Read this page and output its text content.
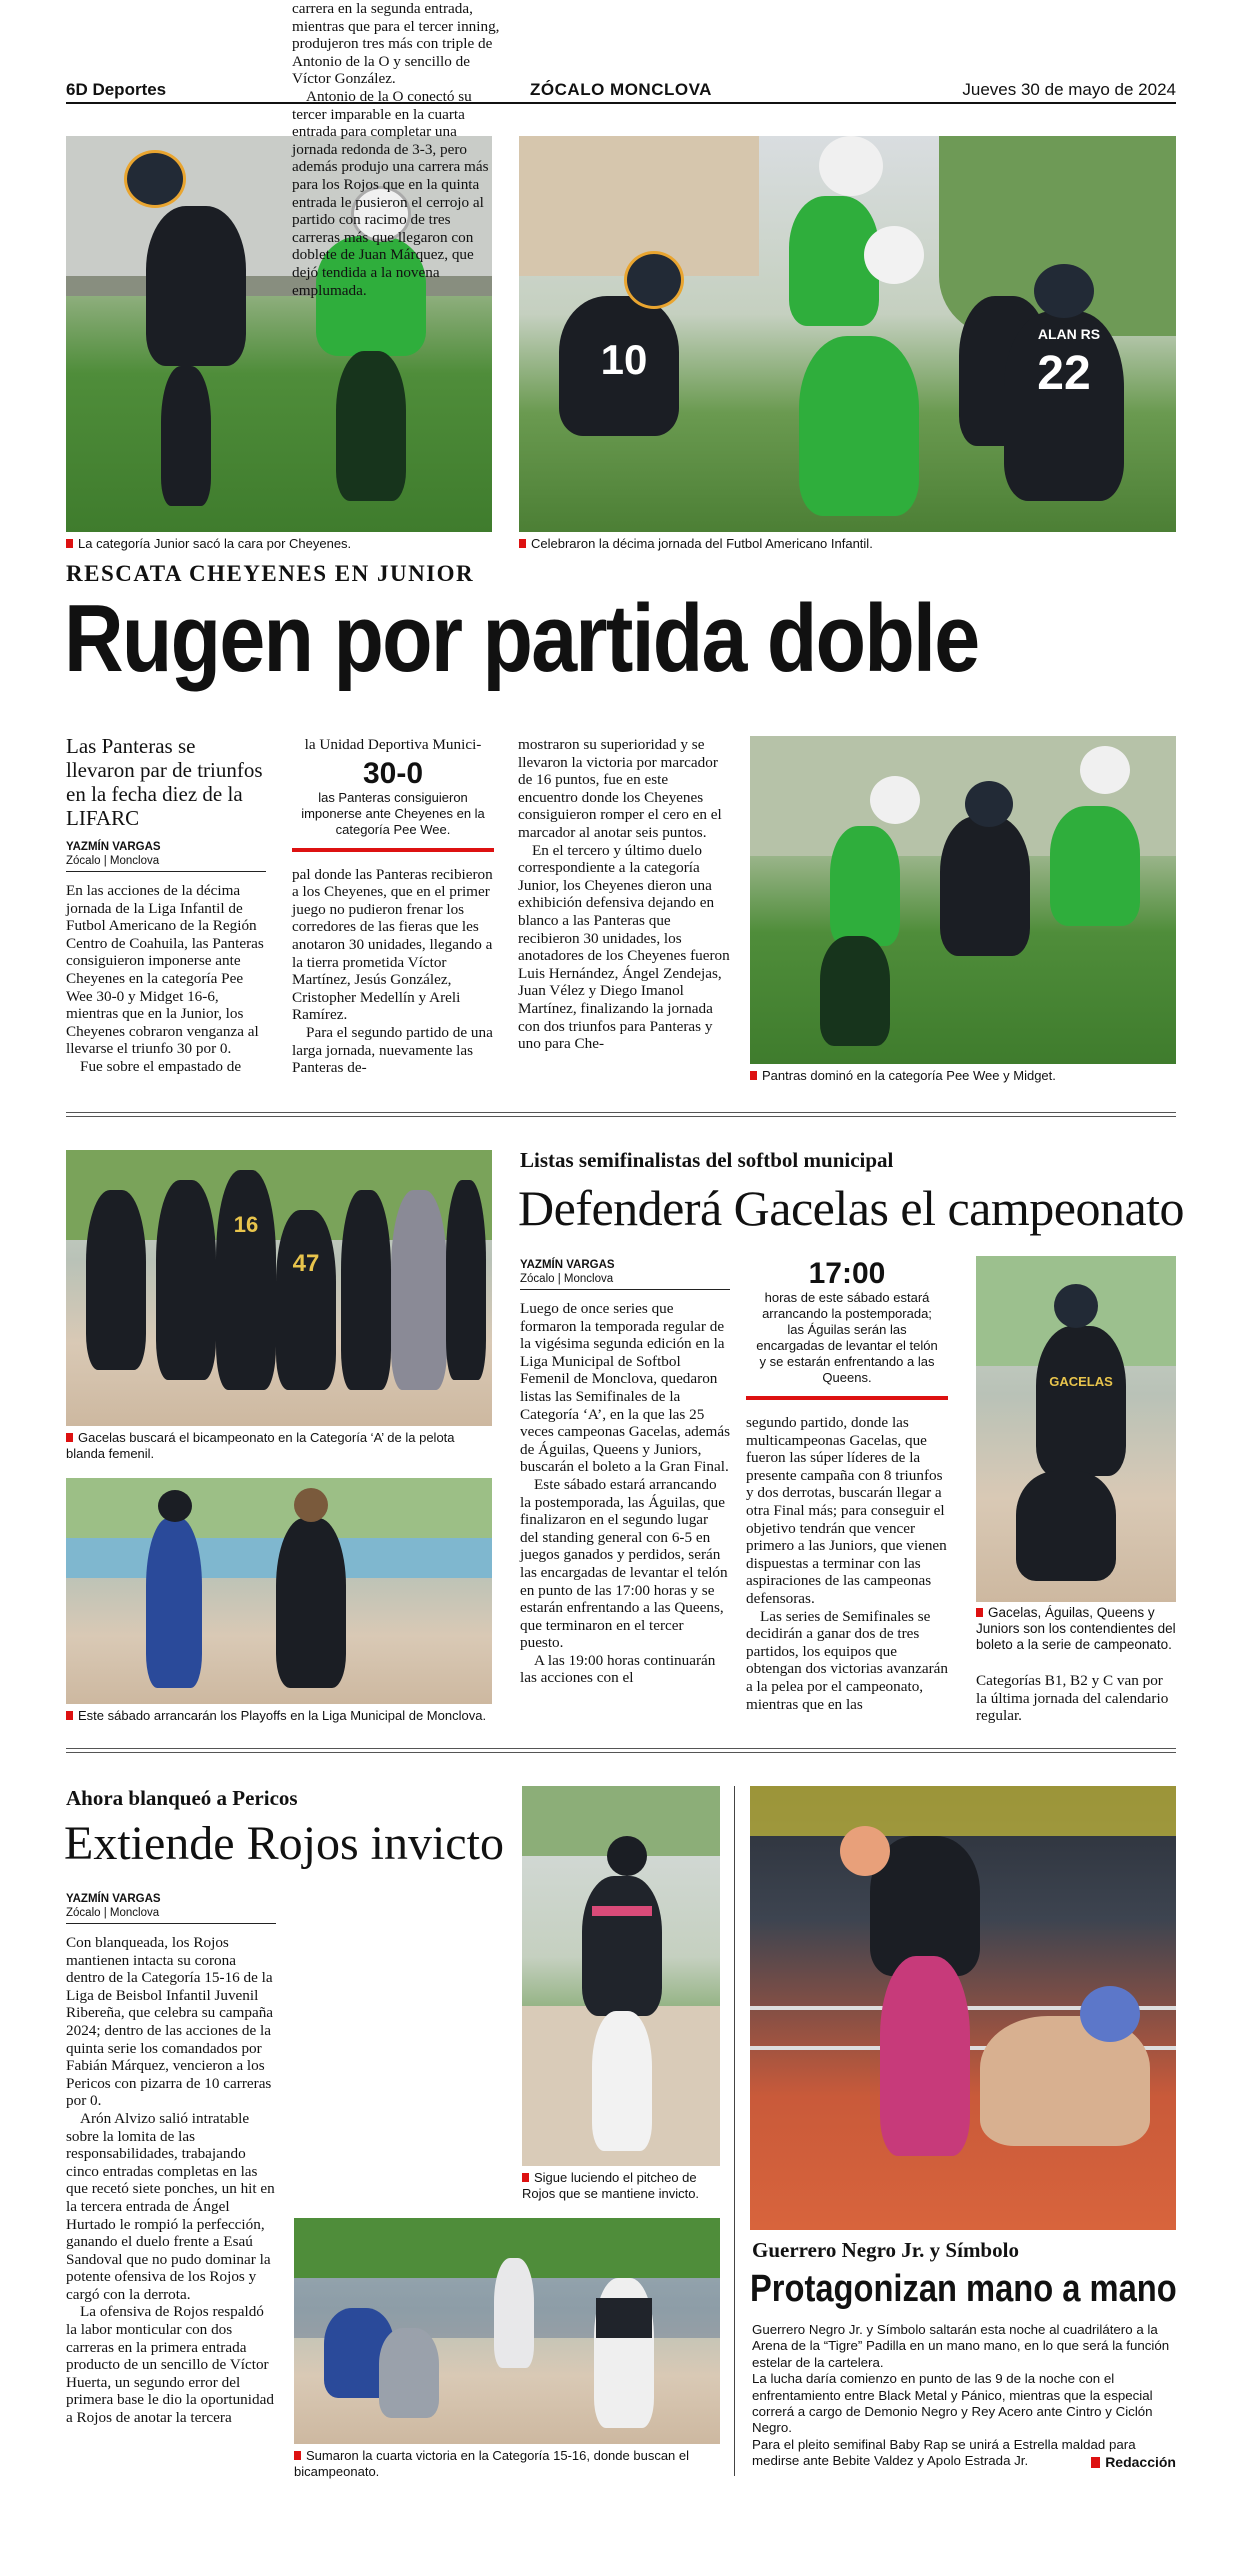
6D Deportes	ZÓCALO MONCLOVA	Jueves 30 de mayo de 2024
10
ALAN RS
22
La categoría Junior sacó la cara por Cheyenes.	Celebraron la décima jornada del Futbol Americano Infantil.
RESCATA CHEYENES EN JUNIOR
Rugen por partida doble
Las Panteras se llevaron par de triunfos en la fecha diez de la LIFARC
YAZMÍN VARGAS
Zócalo | Monclova

En las acciones de la décima jornada de la Liga Infantil de Futbol Americano de la Región Centro de Coahuila, las Panteras consiguieron imponerse ante Cheyenes en la categoría Pee Wee 30-0 y Midget 16-6, mientras que en la Junior, los Cheyenes cobraron venganza al llevarse el triunfo 30 por 0.

Fue sobre el empastado de

la Unidad Deportiva Munici-
30-0
las Panteras consiguieron imponerse ante Cheyenes en la categoría Pee Wee.

pal donde las Panteras recibieron a los Cheyenes, que en el primer juego no pudieron frenar los corredores de las fieras que les anotaron 30 unidades, llegando a la tierra prometida Víctor Martínez, Jesús González, Cristopher Medellín y Areli Ramírez.

Para el segundo partido de una larga jornada, nuevamente las Panteras de-

mostraron su superioridad y se llevaron la victoria por marcador de 16 puntos, fue en este encuentro donde los Cheyenes consiguieron romper el cero en el marcador al anotar seis puntos.

En el tercero y último duelo correspondiente a la categoría Junior, los Cheyenes dieron una exhibición defensiva dejando en blanco a las Panteras que recibieron 30 unidades, los anotadores de los Cheyenes fueron Luis Hernández, Ángel Zendejas, Juan Vélez y Diego Imanol Martínez, finalizando la jornada con dos triunfos para Panteras y uno para Che-

Pantras dominó en la categoría Pee Wee y Midget.
16
47
Gacelas buscará el bicampeonato en la Categoría ‘A’ de la pelota blanda femenil.
Este sábado arrancarán los Playoffs en la Liga Municipal de Monclova.
Listas semifinalistas del softbol municipal
Defenderá Gacelas el campeonato
YAZMÍN VARGAS
Zócalo | Monclova

Luego de once series que formaron la temporada regular de la vigésima segunda edición en la Liga Municipal de Softbol Femenil de Monclova, quedaron listas las Semifinales de la Categoría ‘A’, en la que las 25 veces campeonas Gacelas, además de Águilas, Queens y Juniors, buscarán el boleto a la Gran Final.

Este sábado estará arrancando la postemporada, las Águilas, que finalizaron en el segundo lugar del standing general con 6-5 en juegos ganados y perdidos, serán las encargadas de levantar el telón en punto de las 17:00 horas y se estarán enfrentando a las Queens, que terminaron en el tercer puesto.

A las 19:00 horas continuarán las acciones con el

17:00
horas de este sábado estará arrancando la postemporada; las Águilas serán las encargadas de levantar el telón y se estarán enfrentando a las Queens.

segundo partido, donde las multicampeonas Gacelas, que fueron las súper líderes de la presente campaña con 8 triunfos y dos derrotas, buscarán llegar a otra Final más; para conseguir el objetivo tendrán que vencer primero a las Juniors, que vienen dispuestas a terminar con las aspiraciones de las campeonas defensoras.

Las series de Semifinales se decidirán a ganar dos de tres partidos, los equipos que obtengan dos victorias avanzarán a la pelea por el campeonato, mientras que en las

GACELAS
Gacelas, Águilas, Queens y Juniors son los contendientes del boleto a la serie de campeonato.
Categorías B1, B2 y C van por la última jornada del calendario regular.
Ahora blanqueó a Pericos
Extiende Rojos invicto
YAZMÍN VARGAS
Zócalo | Monclova

Con blanqueada, los Rojos mantienen intacta su corona dentro de la Categoría 15-16 de la Liga de Beisbol Infantil Juvenil Ribereña, que celebra su campaña 2024; dentro de las acciones de la quinta serie los comandados por Fabián Márquez, vencieron a los Pericos con pizarra de 10 carreras por 0.

Arón Alvizo salió intratable sobre la lomita de las responsabilidades, trabajando cinco entradas completas en las que recetó siete ponches, un hit en la tercera entrada de Ángel Hurtado le rompió la perfección, ganando el duelo frente a Esaú Sandoval que no pudo dominar la potente ofensiva de los Rojos y cargó con la derrota.

La ofensiva de Rojos respaldó la labor monticular con dos carreras en la primera entrada producto de un sencillo de Víctor Huerta, un segundo error del primera base le dio la oportunidad a Rojos de anotar la tercera

carrera en la segunda entrada, mientras que para el tercer inning, produjeron tres más con triple de Antonio de la O y sencillo de Víctor González.

Antonio de la O conectó su tercer imparable en la cuarta entrada para completar una jornada redonda de 3-3, pero además produjo una carrera más para los Rojos que en la quinta entrada le pusieron el cerrojo al partido con racimo de tres carreras más que llegaron con doblete de Juan Márquez, que dejó tendida a la novena emplumada.

Sigue luciendo el pitcheo de Rojos que se mantiene invicto.
Sumaron la cuarta victoria en la Categoría 15-16, donde buscan el bicampeonato.
Guerrero Negro Jr. y Símbolo
Protagonizan mano a mano

Guerrero Negro Jr. y Símbolo saltarán esta noche al cuadrilátero a la Arena de la “Tigre” Padilla en un mano mano, en lo que será la función estelar de la cartelera.

La lucha daría comienzo en punto de las 9 de la noche con el enfrentamiento entre Black Metal y Pánico, mientras que la especial correrá a cargo de Demonio Negro y Rey Acero ante Cintro y Ciclón Negro.

Para el pleito semifinal Baby Rap se unirá a Estrella maldad para medirse ante Bebite Valdez y Apolo Estrada Jr.	Redacción
